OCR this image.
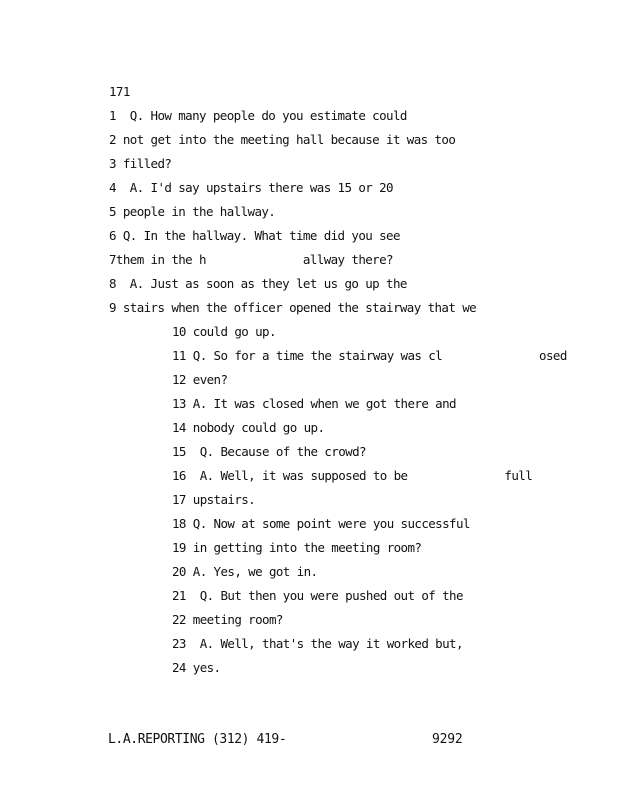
171
1  Q. How many people do you estimate could
2 not get into the meeting hall because it was too
3 filled?
4  A. I'd say upstairs there was 15 or 20
5 people in the hallway.
6 Q. In the hallway. What time did you see
7them in the h              allway there?
8  A. Just as soon as they let us go up the
9 stairs when the officer opened the stairway that we
10 could go up.
11 Q. So for a time the stairway was cl              osed
12 even?
13 A. It was closed when we got there and
14 nobody could go up.
15  Q. Because of the crowd?
16  A. Well, it was supposed to be              full
17 upstairs.
18 Q. Now at some point were you successful
19 in getting into the meeting room?
20 A. Yes, we got in.
21  Q. But then you were pushed out of the
22 meeting room?
23  A. Well, that's the way it worked but,
24 yes.
L.A.REPORTING (312) 419-	9292
